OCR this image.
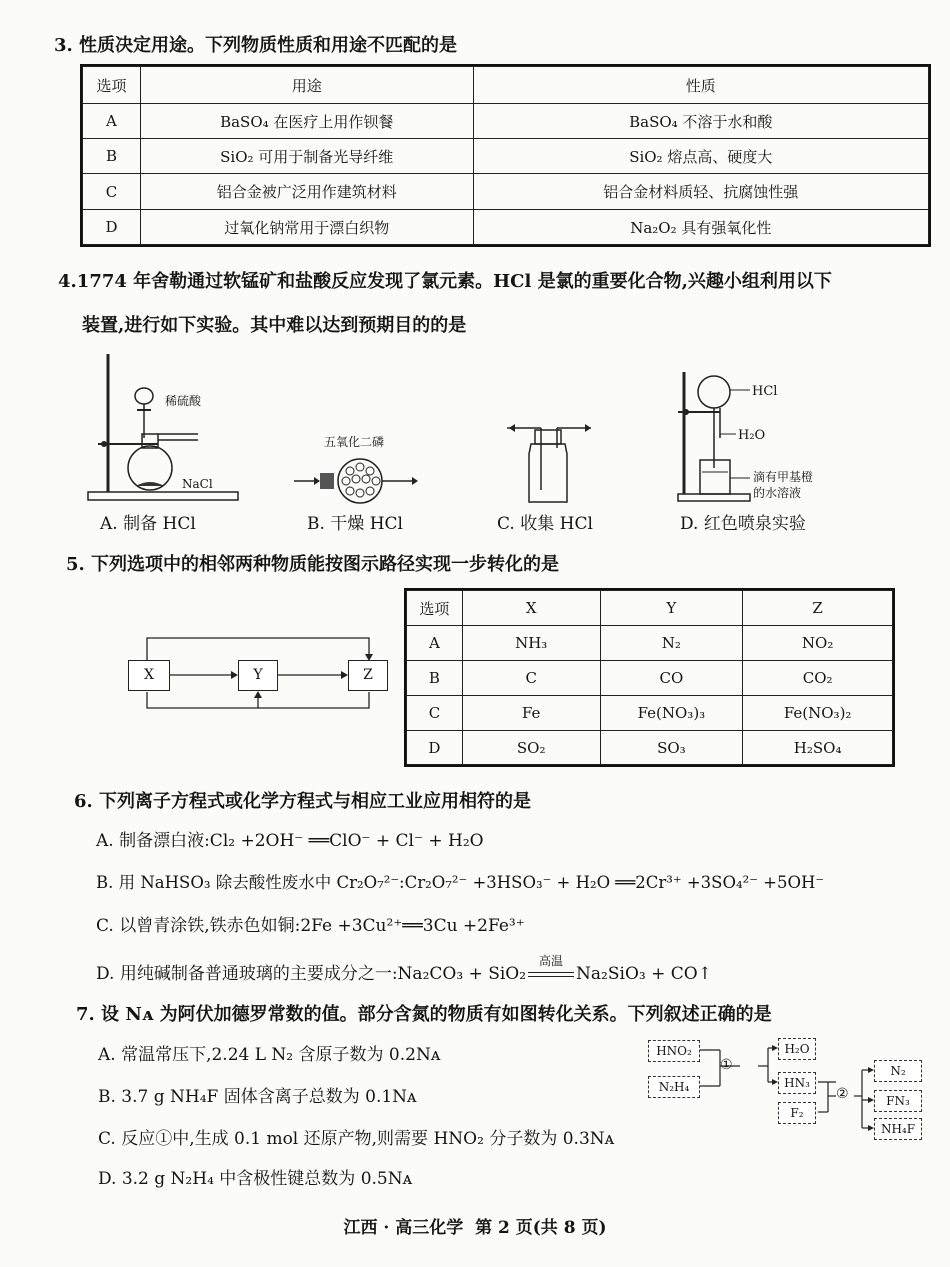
3. 性质决定用途。下列物质性质和用途不匹配的是
选项	用途	性质
A	BaSO₄ 在医疗上用作钡餐	BaSO₄ 不溶于水和酸
B	SiO₂ 可用于制备光导纤维	SiO₂ 熔点高、硬度大
C	铝合金被广泛用作建筑材料	铝合金材料质轻、抗腐蚀性强
D	过氧化钠常用于漂白织物	Na₂O₂ 具有强氧化性
4.1774 年舍勒通过软锰矿和盐酸反应发现了氯元素。HCl 是氯的重要化合物,兴趣小组利用以下
装置,进行如下实验。其中难以达到预期目的的是
稀硫酸
NaCl
五氧化二磷
HCl
H₂O
滴有甲基橙
的水溶液
A. 制备 HCl	B. 干燥 HCl	C. 收集 HCl	D. 红色喷泉实验
5. 下列选项中的相邻两种物质能按图示路径实现一步转化的是
X	Y	Z
选项	X	Y	Z
A	NH₃	N₂	NO₂
B	C	CO	CO₂
C	Fe	Fe(NO₃)₃	Fe(NO₃)₂
D	SO₂	SO₃	H₂SO₄
6. 下列离子方程式或化学方程式与相应工业应用相符的是
A. 制备漂白液:Cl₂ +2OH⁻ ══ClO⁻ + Cl⁻ + H₂O
B. 用 NaHSO₃ 除去酸性废水中 Cr₂O₇²⁻:Cr₂O₇²⁻ +3HSO₃⁻ + H₂O ══2Cr³⁺ +3SO₄²⁻ +5OH⁻
C. 以曾青涂铁,铁赤色如铜:2Fe +3Cu²⁺══3Cu +2Fe³⁺
D. 用纯碱制备普通玻璃的主要成分之一:Na₂CO₃ + SiO₂
高温
Na₂SiO₃ + CO↑
7. 设 Nᴀ 为阿伏加德罗常数的值。部分含氮的物质有如图转化关系。下列叙述正确的是
A. 常温常压下,2.24 L N₂ 含原子数为 0.2Nᴀ
B. 3.7 g NH₄F 固体含离子总数为 0.1Nᴀ
C. 反应①中,生成 0.1 mol 还原产物,则需要 HNO₂ 分子数为 0.3Nᴀ
D. 3.2 g N₂H₄ 中含极性键总数为 0.5Nᴀ
HNO₂
N₂H₄
①
H₂O
HN₃
F₂
②
N₂
FN₃
NH₄F
江西 · 高三化学  第 2 页(共 8 页)
